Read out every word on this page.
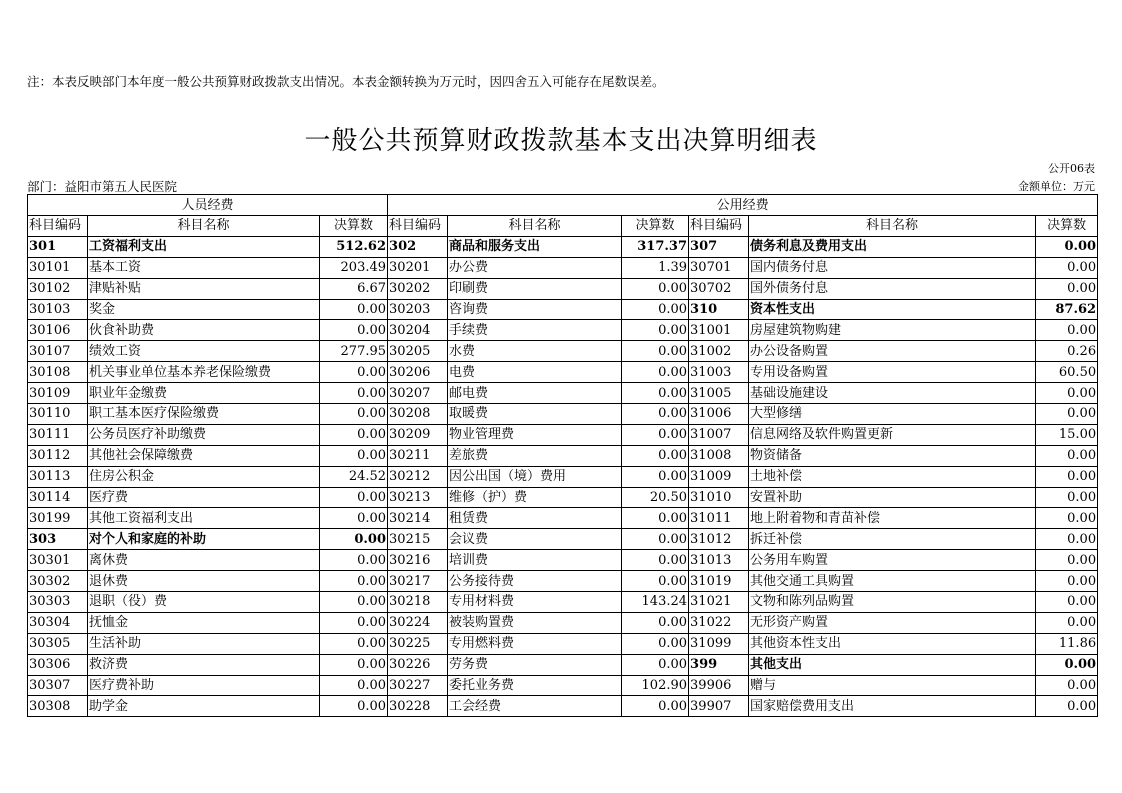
注：本表反映部门本年度一般公共预算财政拨款支出情况。本表金额转换为万元时，因四舍五入可能存在尾数误差。
一般公共预算财政拨款基本支出决算明细表
公开06表
部门：益阳市第五人民医院	金额单位：万元
人员经费			公用经费					
科目编码	科目名称	决算数	科目编码	科目名称	决算数	科目编码	科目名称	决算数
301	工资福利支出	512.62	302	商品和服务支出	317.37	307	债务利息及费用支出	0.00
30101	基本工资	203.49	30201	办公费	1.39	30701	国内债务付息	0.00
30102	津贴补贴	6.67	30202	印刷费	0.00	30702	国外债务付息	0.00
30103	奖金	0.00	30203	咨询费	0.00	310	资本性支出	87.62
30106	伙食补助费	0.00	30204	手续费	0.00	31001	房屋建筑物购建	0.00
30107	绩效工资	277.95	30205	水费	0.00	31002	办公设备购置	0.26
30108	机关事业单位基本养老保险缴费	0.00	30206	电费	0.00	31003	专用设备购置	60.50
30109	职业年金缴费	0.00	30207	邮电费	0.00	31005	基础设施建设	0.00
30110	职工基本医疗保险缴费	0.00	30208	取暖费	0.00	31006	大型修缮	0.00
30111	公务员医疗补助缴费	0.00	30209	物业管理费	0.00	31007	信息网络及软件购置更新	15.00
30112	其他社会保障缴费	0.00	30211	差旅费	0.00	31008	物资储备	0.00
30113	住房公积金	24.52	30212	因公出国（境）费用	0.00	31009	土地补偿	0.00
30114	医疗费	0.00	30213	维修（护）费	20.50	31010	安置补助	0.00
30199	其他工资福利支出	0.00	30214	租赁费	0.00	31011	地上附着物和青苗补偿	0.00
303	对个人和家庭的补助	0.00	30215	会议费	0.00	31012	拆迁补偿	0.00
30301	离休费	0.00	30216	培训费	0.00	31013	公务用车购置	0.00
30302	退休费	0.00	30217	公务接待费	0.00	31019	其他交通工具购置	0.00
30303	退职（役）费	0.00	30218	专用材料费	143.24	31021	文物和陈列品购置	0.00
30304	抚恤金	0.00	30224	被装购置费	0.00	31022	无形资产购置	0.00
30305	生活补助	0.00	30225	专用燃料费	0.00	31099	其他资本性支出	11.86
30306	救济费	0.00	30226	劳务费	0.00	399	其他支出	0.00
30307	医疗费补助	0.00	30227	委托业务费	102.90	39906	赠与	0.00
30308	助学金	0.00	30228	工会经费	0.00	39907	国家赔偿费用支出	0.00
